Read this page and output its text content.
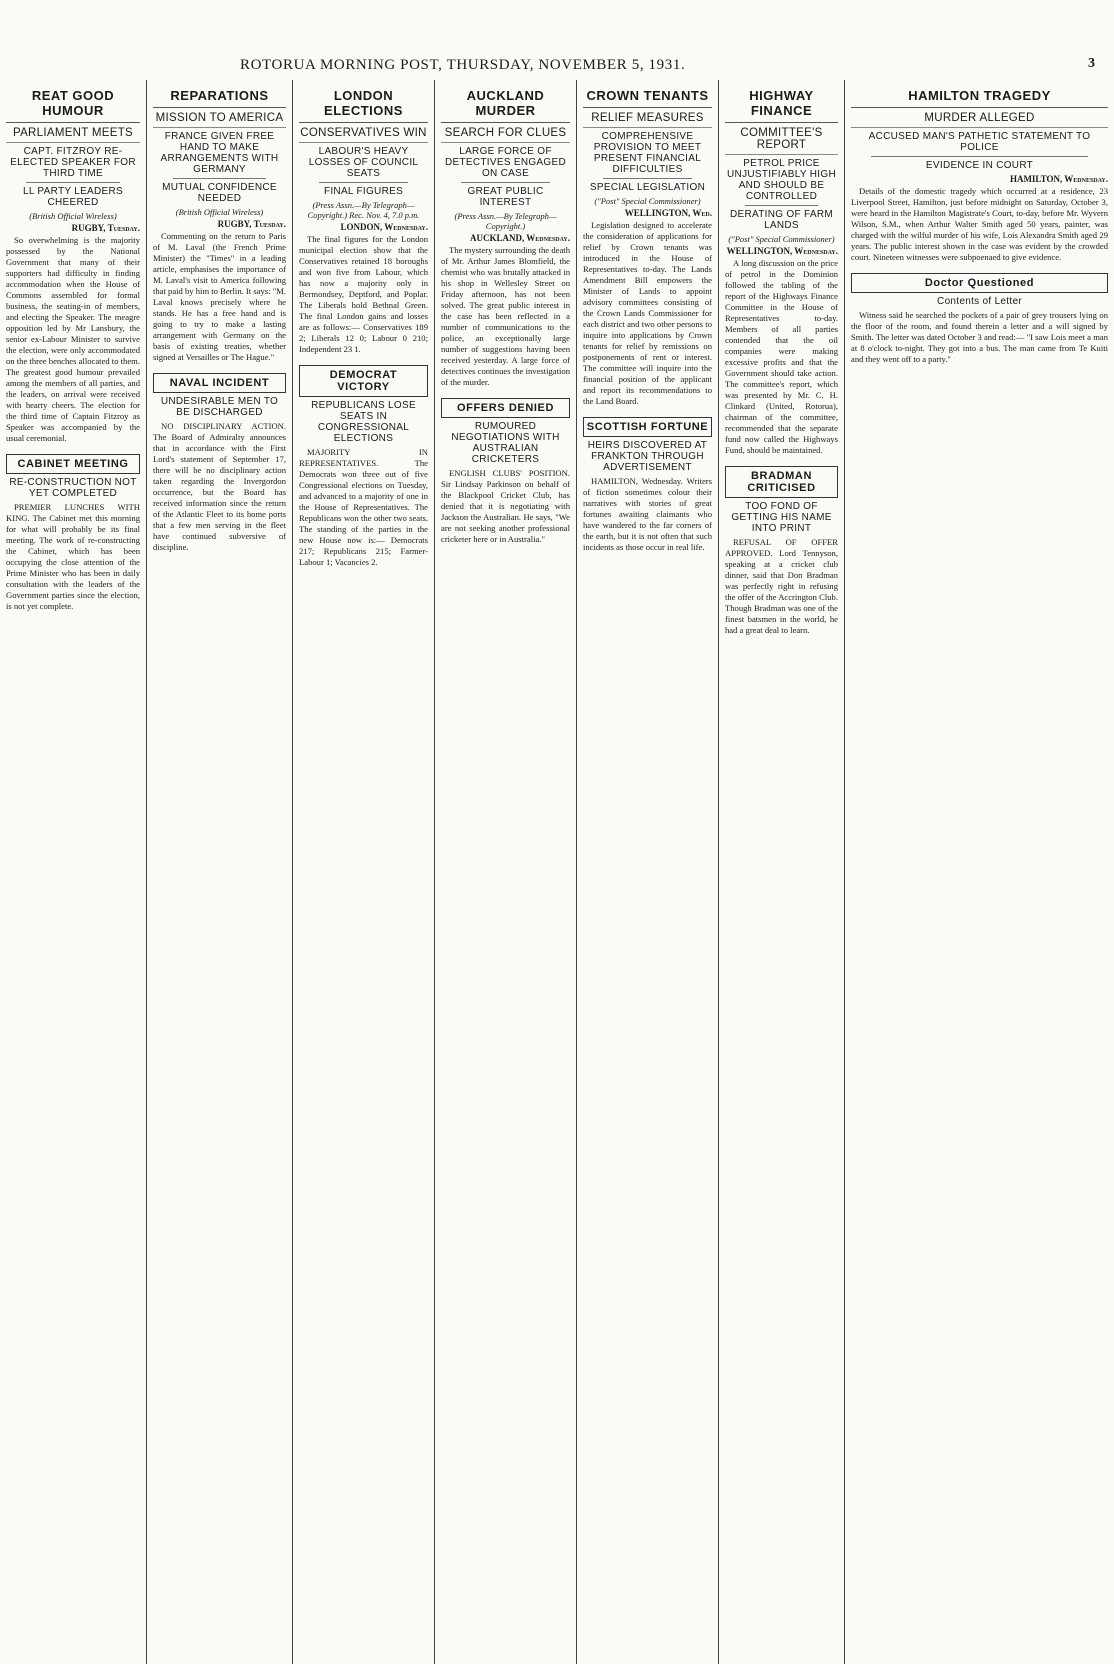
ROTORUA MORNING POST, THURSDAY, NOVEMBER 5, 1931.	3
REAT GOOD HUMOUR
PARLIAMENT MEETS
CAPT. FITZROY RE-ELECTED SPEAKER FOR THIRD TIME
LL PARTY LEADERS CHEERED
(British Official Wireless)
RUGBY, Tuesday.

So overwhelming is the majority possessed by the National Government that many of their supporters had difficulty in finding accommodation when the House of Commons assembled for formal business, the seating-in of members, and electing the Speaker. The meagre opposition led by Mr Lansbury, the senior ex-Labour Minister to survive the election, were only accommodated on the three benches allocated to them. The greatest good humour prevailed among the members of all parties, and the leaders, on arrival were received with hearty cheers. The election for the third time of Captain Fitzroy as Speaker was accompanied by the usual ceremonial.

CABINET MEETING
RE-CONSTRUCTION NOT YET COMPLETED

PREMIER LUNCHES WITH KING. The Cabinet met this morning for what will probably be its final meeting. The work of re-constructing the Cabinet, which has been occupying the close attention of the Prime Minister who has been in daily consultation with the leaders of the Government parties since the election, is not yet complete.

REPARATIONS
MISSION TO AMERICA
FRANCE GIVEN FREE HAND TO MAKE ARRANGEMENTS WITH GERMANY
MUTUAL CONFIDENCE NEEDED
(British Official Wireless)
RUGBY, Tuesday.

Commenting on the return to Paris of M. Laval (the French Prime Minister) the "Times" in a leading article, emphasises the importance of M. Laval's visit to America following that paid by him to Berlin. It says: "M. Laval knows precisely where he stands. He has a free hand and is going to try to make a lasting arrangement with Germany on the basis of existing treaties, whether signed at Versailles or The Hague."

NAVAL INCIDENT
UNDESIRABLE MEN TO BE DISCHARGED

NO DISCIPLINARY ACTION. The Board of Admiralty announces that in accordance with the First Lord's statement of September 17, there will be no disciplinary action taken regarding the Invergordon occurrence, but the Board has received information since the return of the Atlantic Fleet to its home ports that a few men serving in the fleet have continued subversive of discipline.

LONDON ELECTIONS
CONSERVATIVES WIN
LABOUR'S HEAVY LOSSES OF COUNCIL SEATS
FINAL FIGURES
(Press Assn.—By Telegraph—Copyright.) Rec. Nov. 4, 7.0 p.m.
LONDON, Wednesday.

The final figures for the London municipal election show that the Conservatives retained 18 boroughs and won five from Labour, which has now a majority only in Bermondsey, Deptford, and Poplar. The Liberals hold Bethnal Green. The final London gains and losses are as follows:— Conservatives 189 2; Liberals 12 0; Labour 0 210; Independent 23 1.

DEMOCRAT VICTORY
REPUBLICANS LOSE SEATS IN CONGRESSIONAL ELECTIONS

MAJORITY IN REPRESENTATIVES. The Democrats won three out of five Congressional elections on Tuesday, and advanced to a majority of one in the House of Representatives. The Republicans won the other two seats. The standing of the parties in the new House now is:— Democrats 217; Republicans 215; Farmer-Labour 1; Vacancies 2.

AUCKLAND MURDER
SEARCH FOR CLUES
LARGE FORCE OF DETECTIVES ENGAGED ON CASE
GREAT PUBLIC INTEREST
(Press Assn.—By Telegraph—Copyright.)
AUCKLAND, Wednesday.

The mystery surrounding the death of Mr. Arthur James Blomfield, the chemist who was brutally attacked in his shop in Wellesley Street on Friday afternoon, has not been solved. The great public interest in the case has been reflected in a number of communications to the police, an exceptionally large number of suggestions having been received yesterday. A large force of detectives continues the investigation of the murder.

OFFERS DENIED
RUMOURED NEGOTIATIONS WITH AUSTRALIAN CRICKETERS

ENGLISH CLUBS' POSITION. Sir Lindsay Parkinson on behalf of the Blackpool Cricket Club, has denied that it is negotiating with Jackson the Australian. He says, "We are not seeking another professional cricketer here or in Australia."

CROWN TENANTS
RELIEF MEASURES
COMPREHENSIVE PROVISION TO MEET PRESENT FINANCIAL DIFFICULTIES
SPECIAL LEGISLATION
("Post" Special Commissioner)
WELLINGTON, Wed.

Legislation designed to accelerate the consideration of applications for relief by Crown tenants was introduced in the House of Representatives to-day. The Lands Amendment Bill empowers the Minister of Lands to appoint advisory committees consisting of the Crown Lands Commissioner for each district and two other persons to inquire into applications by Crown tenants for relief by remissions on postponements of rent or interest. The committee will inquire into the financial position of the applicant and report its recommendations to the Land Board.

SCOTTISH FORTUNE
HEIRS DISCOVERED AT FRANKTON THROUGH ADVERTISEMENT

HAMILTON, Wednesday. Writers of fiction sometimes colour their narratives with stories of great fortunes awaiting claimants who have wandered to the far corners of the earth, but it is not often that such incidents as those occur in real life.

HIGHWAY FINANCE
COMMITTEE'S REPORT
PETROL PRICE UNJUSTIFIABLY HIGH AND SHOULD BE CONTROLLED
DERATING OF FARM LANDS
("Post" Special Commissioner)
WELLINGTON, Wednesday.

A long discussion on the price of petrol in the Dominion followed the tabling of the report of the Highways Finance Committee in the House of Representatives to-day. Members of all parties contended that the oil companies were making excessive profits and that the Government should take action. The committee's report, which was presented by Mr. C. H. Clinkard (United, Rotorua), chairman of the committee, recommended that the separate fund now called the Highways Fund, should be maintained.

BRADMAN CRITICISED
TOO FOND OF GETTING HIS NAME INTO PRINT

REFUSAL OF OFFER APPROVED. Lord Tennyson, speaking at a cricket club dinner, said that Don Bradman was perfectly right in refusing the offer of the Accrington Club. Though Bradman was one of the finest batsmen in the world, he had a great deal to learn.

HAMILTON TRAGEDY
MURDER ALLEGED
ACCUSED MAN'S PATHETIC STATEMENT TO POLICE
EVIDENCE IN COURT
HAMILTON, Wednesday.

Details of the domestic tragedy which occurred at a residence, 23 Liverpool Street, Hamilton, just before midnight on Saturday, October 3, were heard in the Hamilton Magistrate's Court, to-day, before Mr. Wyvern Wilson, S.M., when Arthur Walter Smith aged 50 years, painter, was charged with the wilful murder of his wife, Lois Alexandra Smith aged 29 years. The public interest shown in the case was evident by the crowded court. Nineteen witnesses were subpoenaed to give evidence.

Doctor Questioned
Contents of Letter

Witness said he searched the pockets of a pair of grey trousers lying on the floor of the room, and found therein a letter and a will signed by Smith. The letter was dated October 3 and read:— "I saw Lois meet a man at 8 o'clock to-night. They got into a bus. The man came from Te Kuiti and they went off to a party."
